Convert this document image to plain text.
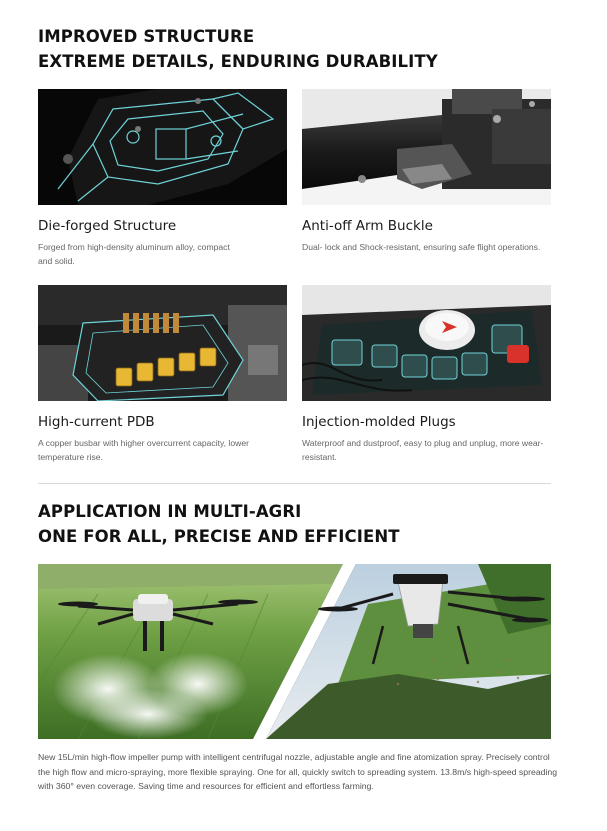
IMPROVED STRUCTURE
EXTREME DETAILS, ENDURING DURABILITY

Die-forged Structure

Forged from high-density aluminum alloy, compact and solid.

Anti-off Arm Buckle

Dual- lock and Shock-resistant, ensuring safe flight operations.

High-current PDB

A copper busbar with higher overcurrent capacity, lower temperature rise.

Injection-molded Plugs

Waterproof and dustproof, easy to plug and unplug, more wear-resistant.

APPLICATION IN MULTI-AGRI
ONE FOR ALL, PRECISE AND EFFICIENT

New 15L/min high-flow impeller pump with intelligent centrifugal nozzle, adjustable angle and fine atomization spray. Precisely control the high flow and micro-spraying, more flexible spraying. One for all, quickly switch to spreading system. 13.8m/s high-speed spreading with 360° even coverage. Saving time and resources for efficient and effortless farming.
